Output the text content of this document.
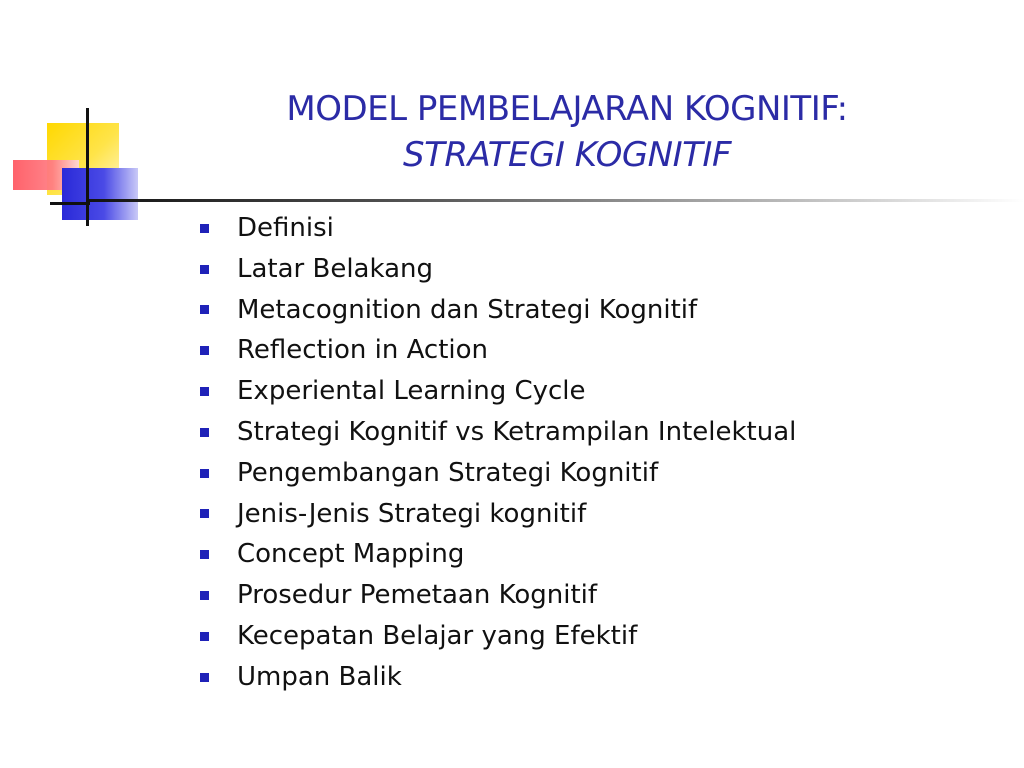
MODEL PEMBELAJARAN KOGNITIF:
STRATEGI KOGNITIF
Definisi
Latar Belakang
Metacognition dan Strategi Kognitif
Reflection in Action
Experiental Learning Cycle
Strategi Kognitif vs Ketrampilan Intelektual
Pengembangan Strategi Kognitif
Jenis-Jenis Strategi kognitif
Concept Mapping
Prosedur Pemetaan Kognitif
Kecepatan Belajar yang Efektif
Umpan Balik
